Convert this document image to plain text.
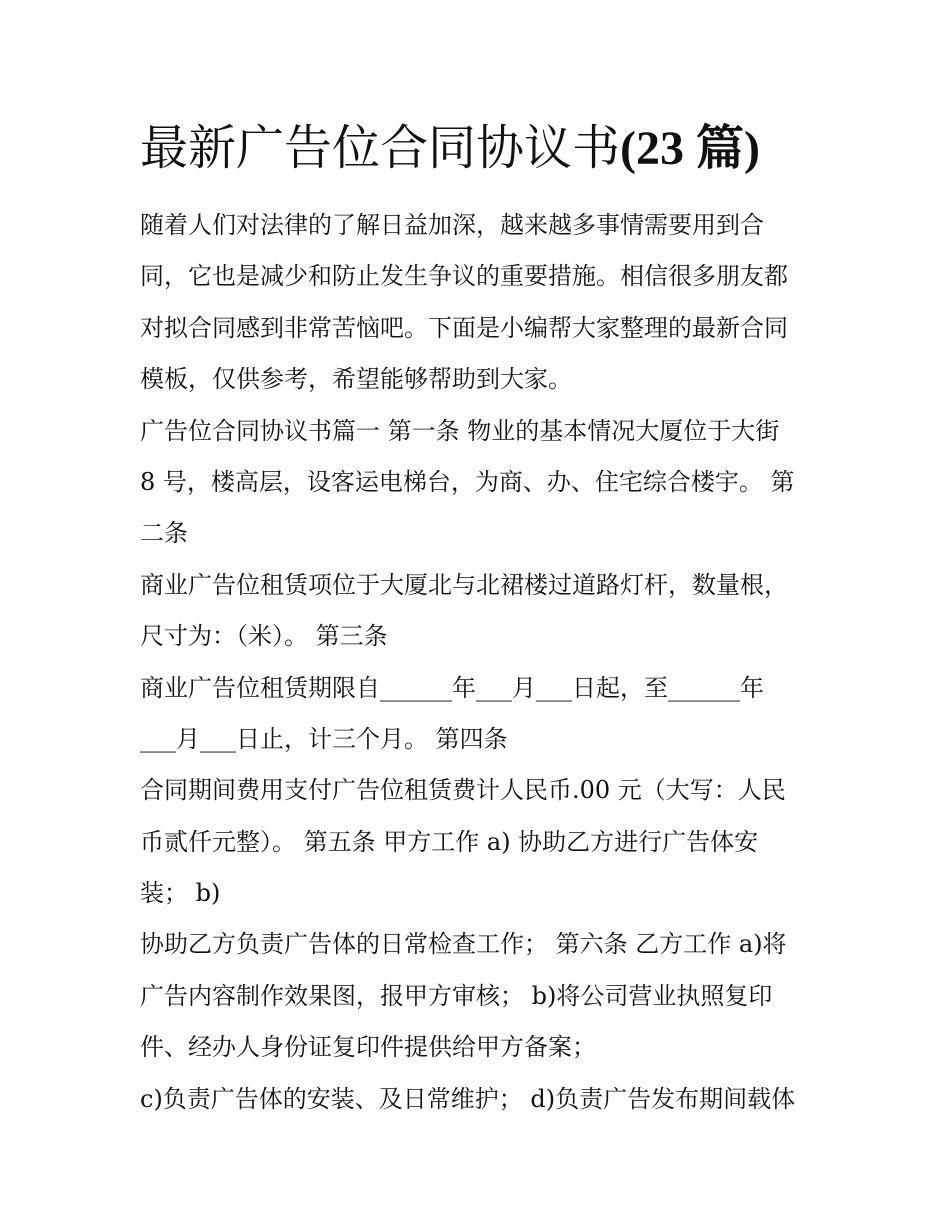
最新广告位合同协议书(23 篇)
随着人们对法律的了解日益加深，越来越多事情需要用到合
同，它也是减少和防止发生争议的重要措施。相信很多朋友都
对拟合同感到非常苦恼吧。下面是小编帮大家整理的最新合同
模板，仅供参考，希望能够帮助到大家。
广告位合同协议书篇一 第一条 物业的基本情况大厦位于大街
8 号，楼高层，设客运电梯台，为商、办、住宅综合楼宇。 第
二条
商业广告位租赁项位于大厦北与北裙楼过道路灯杆，数量根，
尺寸为：（米）。 第三条
商业广告位租赁期限自______年___月___日起，至______年
___月___日止，计三个月。 第四条
合同期间费用支付广告位租赁费计人民币.00 元（大写：人民
币贰仟元整）。 第五条 甲方工作 a) 协助乙方进行广告体安
装； b)
协助乙方负责广告体的日常检查工作； 第六条 乙方工作 a)将
广告内容制作效果图，报甲方审核； b)将公司营业执照复印
件、经办人身份证复印件提供给甲方备案；
c)负责广告体的安装、及日常维护； d)负责广告发布期间载体
